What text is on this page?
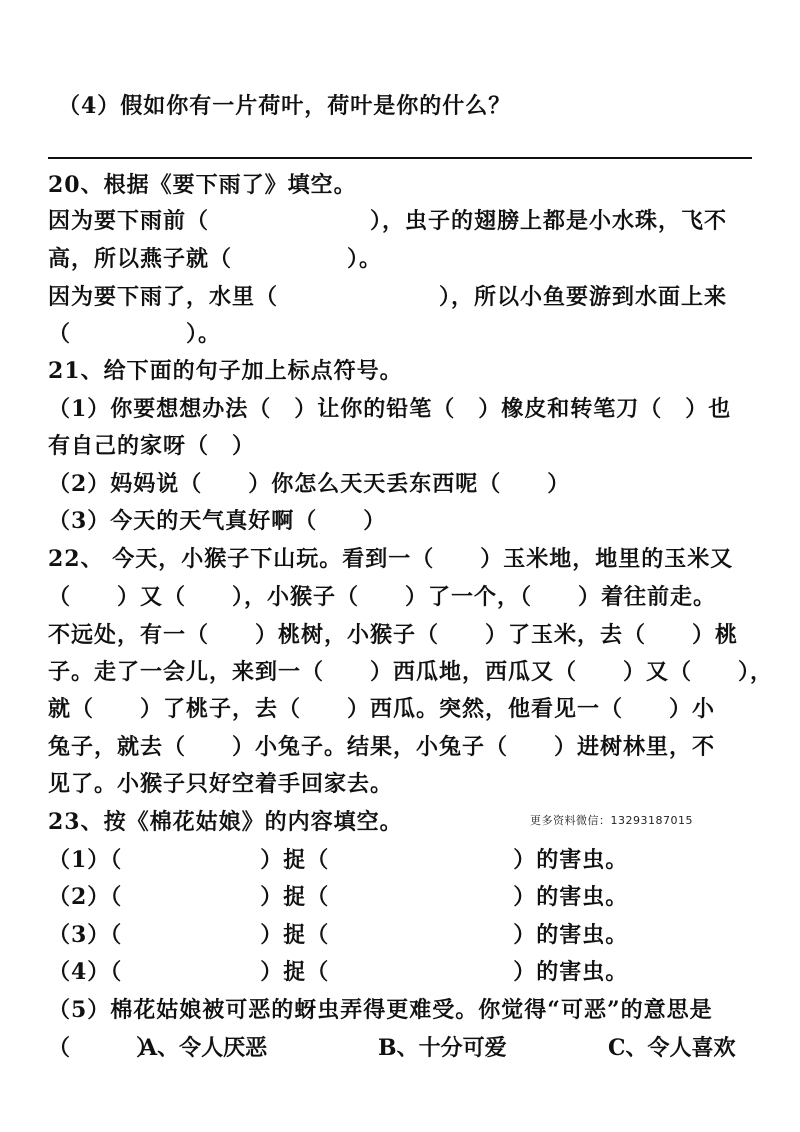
（4）假如你有一片荷叶，荷叶是你的什么？
20、根据《要下雨了》填空。
因为要下雨前（　　　　　　　），虫子的翅膀上都是小水珠，飞不
高，所以燕子就（　　　　　）。
因为要下雨了，水里（　　　　　　　），所以小鱼要游到水面上来
（　　　　　）。
21、给下面的句子加上标点符号。
（1）你要想想办法（　）让你的铅笔（　）橡皮和转笔刀（　）也
有自己的家呀（　）
（2）妈妈说（　　）你怎么天天丢东西呢（　　）
（3）今天的天气真好啊（　　）
22、 今天，小猴子下山玩。看到一（　　）玉米地，地里的玉米又
（　　）又（　　），小猴子（　　）了一个，（　　）着往前走。
不远处，有一（　　）桃树，小猴子（　　）了玉米，去（　　）桃
子。走了一会儿，来到一（　　）西瓜地，西瓜又（　　）又（　　），
就（　　）了桃子，去（　　）西瓜。突然，他看见一（　　）小
兔子，就去（　　）小兔子。结果，小兔子（　　）进树林里，不
见了。小猴子只好空着手回家去。
23、按《棉花姑娘》的内容填空。	更多资料微信：13293187015
（1）（　　　　　　）捉（　　　　　　　　）的害虫。
（2）（　　　　　　）捉（　　　　　　　　）的害虫。
（3）（　　　　　　）捉（　　　　　　　　）的害虫。
（4）（　　　　　　）捉（　　　　　　　　）的害虫。
（5）棉花姑娘被可恶的蚜虫弄得更难受。你觉得“可恶”的意思是
（　　　）
A、令人厌恶	B、十分可爱	C、令人喜欢
